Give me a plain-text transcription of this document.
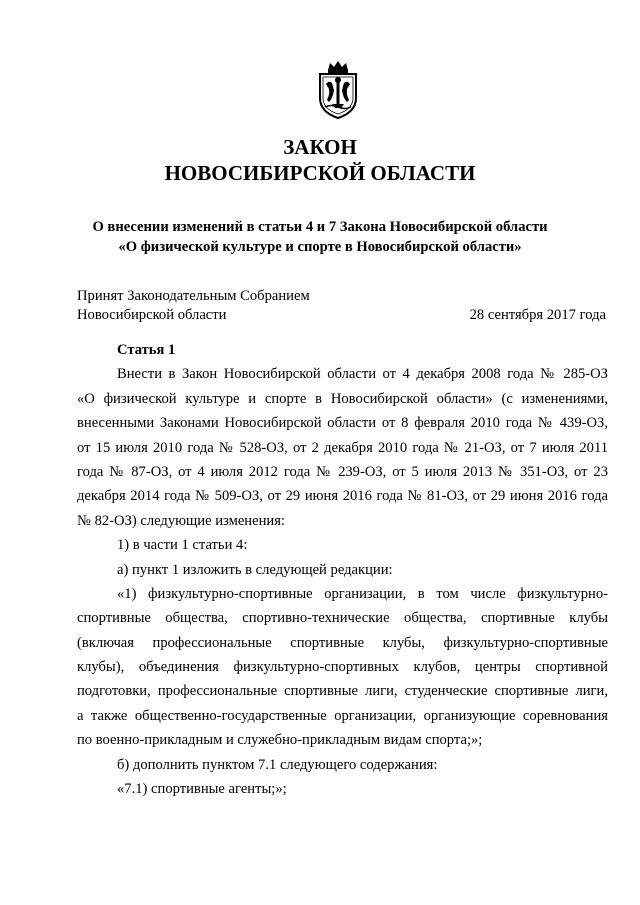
ЗАКОН
НОВОСИБИРСКОЙ ОБЛАСТИ
О внесении изменений в статьи 4 и 7 Закона Новосибирской области
«О физической культуре и спорте в Новосибирской области»
Принят Законодательным Собранием
Новосибирской области	28 сентября 2017 года
Статья 1
Внести в Закон Новосибирской области от 4 декабря 2008 года № 285-ОЗ
«О физической культуре и спорте в Новосибирской области» (с изменениями,
внесенными Законами Новосибирской области от 8 февраля 2010 года № 439-ОЗ,
от 15 июля 2010 года № 528-ОЗ, от 2 декабря 2010 года № 21-ОЗ, от 7 июля 2011
года № 87-ОЗ, от 4 июля 2012 года № 239-ОЗ, от 5 июля 2013 № 351-ОЗ, от 23
декабря 2014 года № 509-ОЗ, от 29 июня 2016 года № 81-ОЗ, от 29 июня 2016 года
№ 82-ОЗ) следующие изменения:
1) в части 1 статьи 4:
а) пункт 1 изложить в следующей редакции:
«1) физкультурно-спортивные организации, в том числе физкультурно-
спортивные общества, спортивно-технические общества, спортивные клубы
(включая профессиональные спортивные клубы, физкультурно-спортивные
клубы), объединения физкультурно-спортивных клубов, центры спортивной
подготовки, профессиональные спортивные лиги, студенческие спортивные лиги,
а также общественно-государственные организации, организующие соревнования
по военно-прикладным и служебно-прикладным видам спорта;»;
б) дополнить пунктом 7.1 следующего содержания:
«7.1) спортивные агенты;»;
